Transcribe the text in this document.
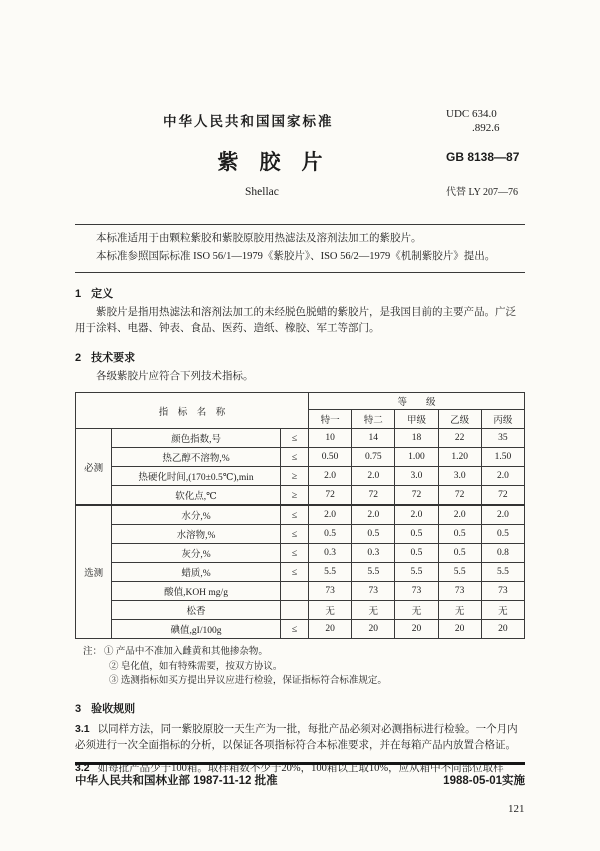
中华人民共和国国家标准	UDC 634.0
.892.6
紫　胶　片	GB 8138—87
Shellac	代替 LY 207—76

本标准适用于由颗粒紫胶和紫胶原胶用热滤法及溶剂法加工的紫胶片。

本标准参照国际标准 ISO 56/1—1979《紫胶片》、ISO 56/2—1979《机制紫胶片》提出。

1 定义

紫胶片是指用热滤法和溶剂法加工的未经脱色脱蜡的紫胶片，是我国目前的主要产品。广泛用于涂料、电器、钟表、食品、医药、造纸、橡胶、军工等部门。

2 技术要求

各级紫胶片应符合下列技术指标。

指　标　名　称			等　　级				
			特一	特二	甲级	乙级	丙级
必测	颜色指数,号	≤	10	14	18	22	35
	热乙醇不溶物,%	≤	0.50	0.75	1.00	1.20	1.50
	热硬化时间,(170±0.5℃),min	≥	2.0	2.0	3.0	3.0	2.0
	软化点,℃	≥	72	72	72	72	72
选测	水分,%	≤	2.0	2.0	2.0	2.0	2.0
	水溶物,%	≤	0.5	0.5	0.5	0.5	0.5
	灰分,%	≤	0.3	0.3	0.5	0.5	0.8
	蜡质,%	≤	5.5	5.5	5.5	5.5	5.5
	酸值,KOH mg/g		73	73	73	73	73
	松香		无	无	无	无	无
	碘值,gI/100g	≤	20	20	20	20	20
注： ① 产品中不准加入雌黄和其他掺杂物。
② 皂化值，如有特殊需要，按双方协议。
③ 选测指标如买方提出异议应进行检验，保证指标符合标准规定。
3 验收规则

3.1 以同样方法，同一紫胶原胶一天生产为一批，每批产品必须对必测指标进行检验。一个月内必须进行一次全面指标的分析，以保证各项指标符合本标准要求，并在每箱产品内放置合格证。

3.2 如每批产品少于100箱。取样箱数不少于20%，100箱以上取10%，应从箱中不同部位取样

中华人民共和国林业部 1987-11-12 批准	1988-05-01实施
121
